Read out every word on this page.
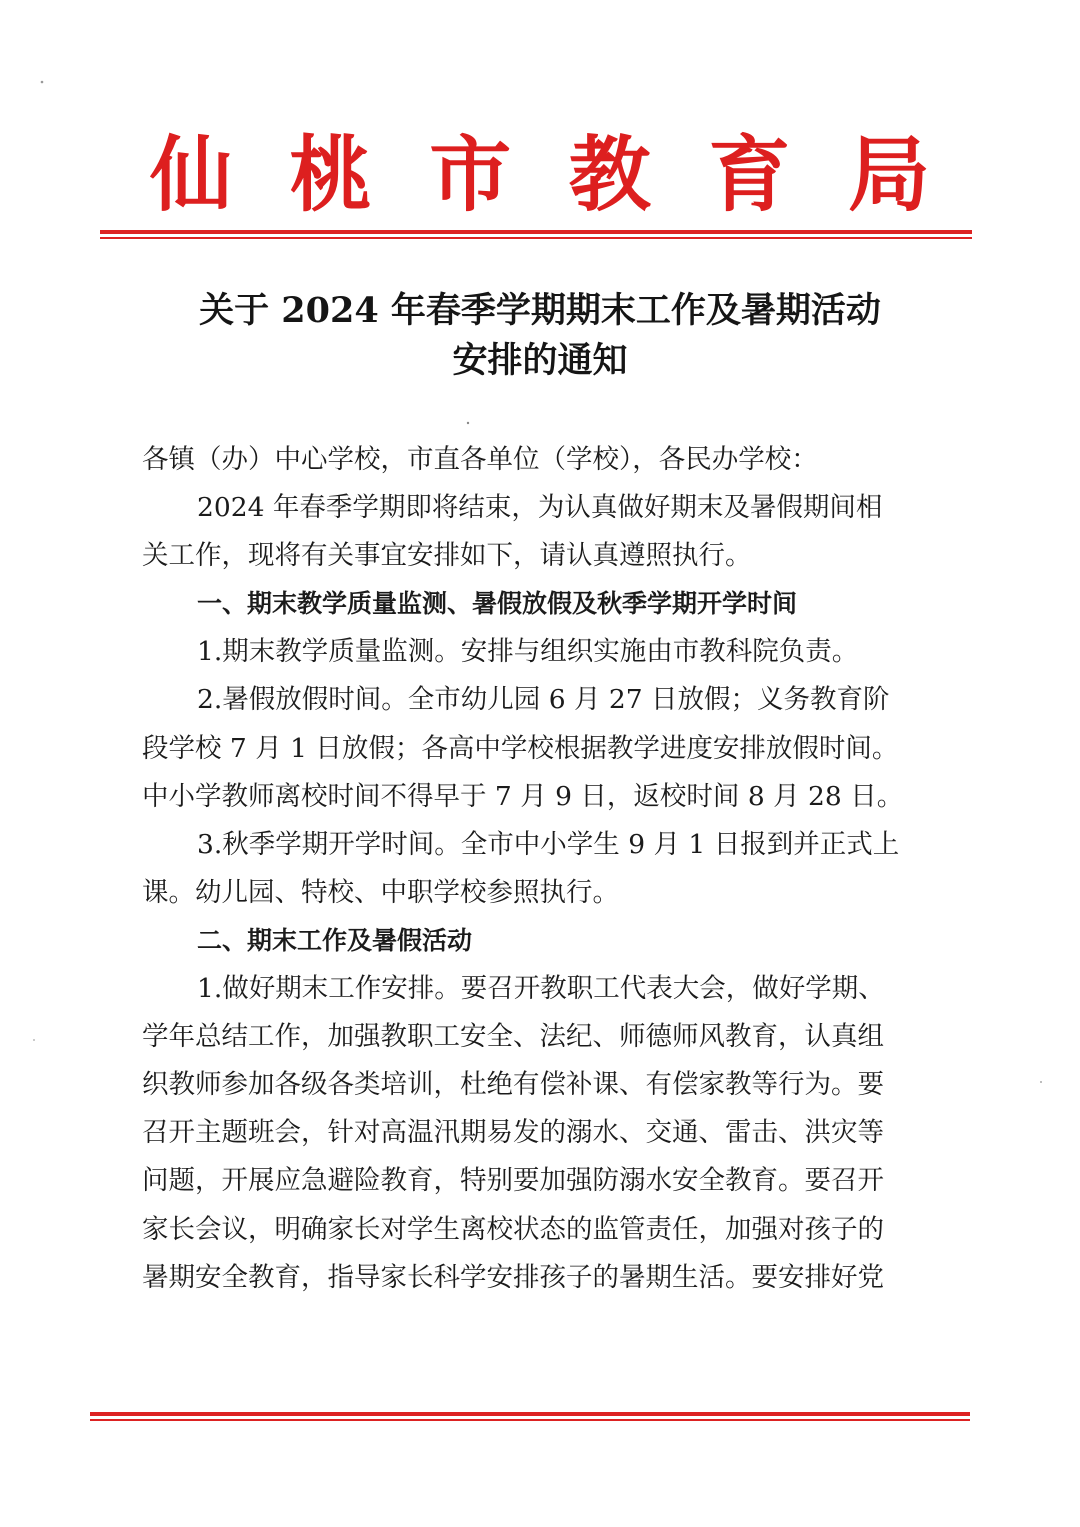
仙 桃 市 教 育 局
关于 2024 年春季学期期末工作及暑期活动
安排的通知

各镇（办）中心学校，市直各单位（学校），各民办学校：

2024 年春季学期即将结束，为认真做好期末及暑假期间相

关工作，现将有关事宜安排如下，请认真遵照执行。

一、期末教学质量监测、暑假放假及秋季学期开学时间

1.期末教学质量监测。安排与组织实施由市教科院负责。

2.暑假放假时间。全市幼儿园 6 月 27 日放假；义务教育阶

段学校 7 月 1 日放假；各高中学校根据教学进度安排放假时间。

中小学教师离校时间不得早于 7 月 9 日，返校时间 8 月 28 日。

3.秋季学期开学时间。全市中小学生 9 月 1 日报到并正式上

课。幼儿园、特校、中职学校参照执行。

二、期末工作及暑假活动

1.做好期末工作安排。要召开教职工代表大会，做好学期、

学年总结工作，加强教职工安全、法纪、师德师风教育，认真组

织教师参加各级各类培训，杜绝有偿补课、有偿家教等行为。要

召开主题班会，针对高温汛期易发的溺水、交通、雷击、洪灾等

问题，开展应急避险教育，特别要加强防溺水安全教育。要召开

家长会议，明确家长对学生离校状态的监管责任，加强对孩子的

暑期安全教育，指导家长科学安排孩子的暑期生活。要安排好党
